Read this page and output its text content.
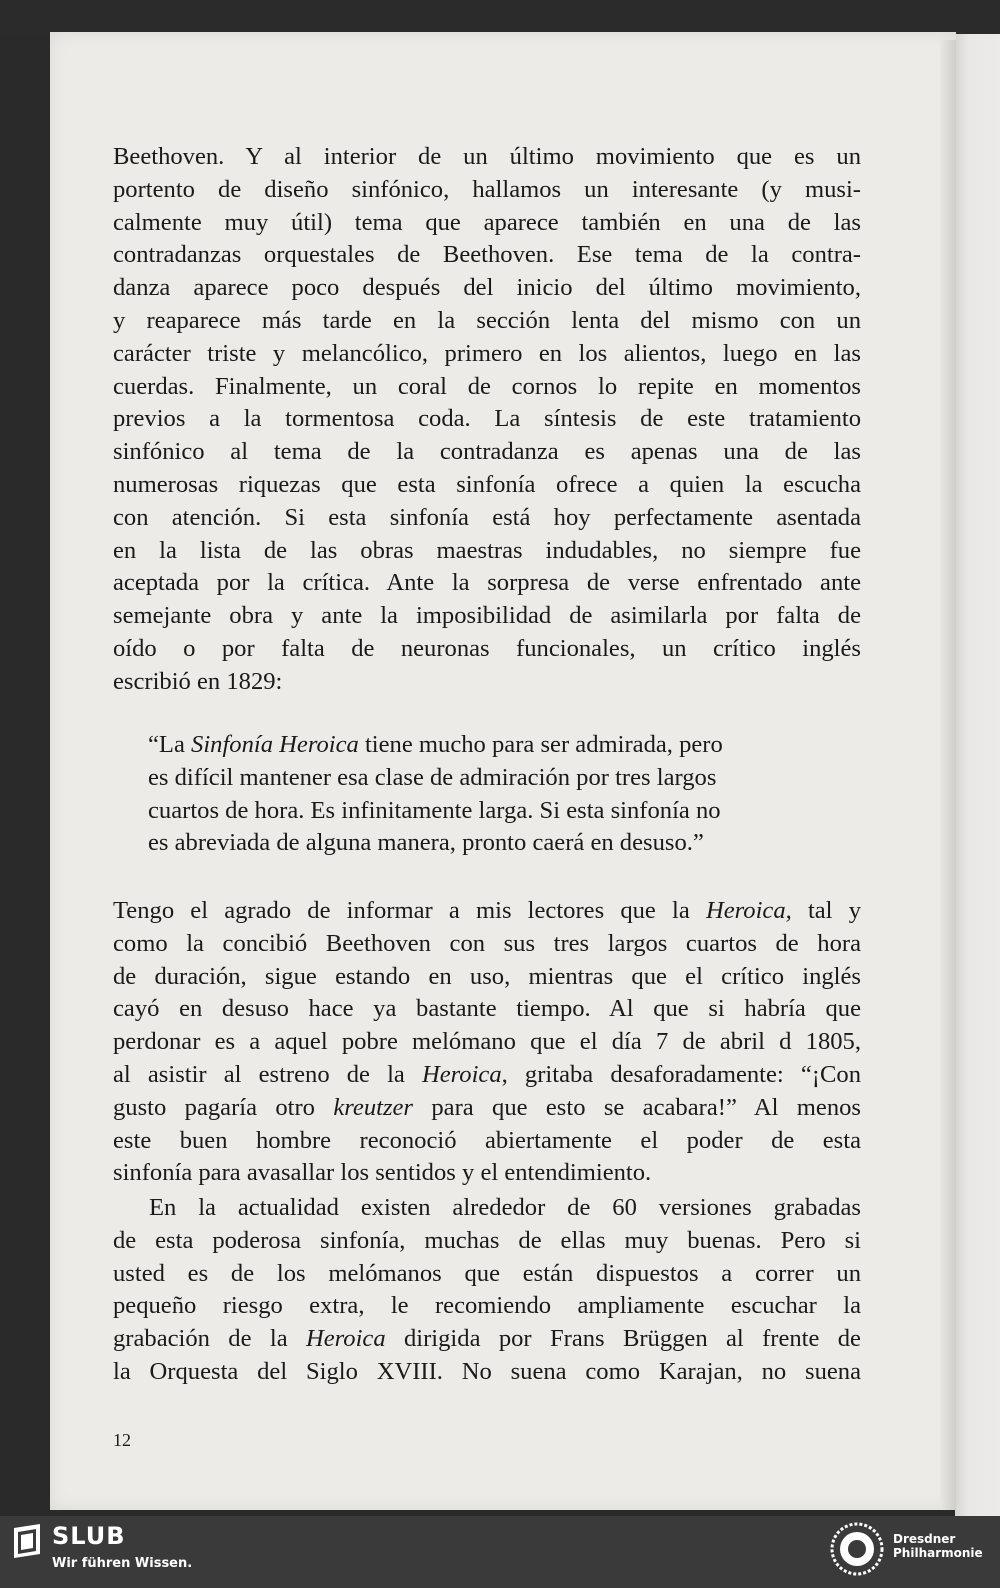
Beethoven. Y al interior de un último movimiento que es un
portento de diseño sinfónico, hallamos un interesante (y musi-
calmente muy útil) tema que aparece también en una de las
contradanzas orquestales de Beethoven. Ese tema de la contra-
danza aparece poco después del inicio del último movimiento,
y reaparece más tarde en la sección lenta del mismo con un
carácter triste y melancólico, primero en los alientos, luego en las
cuerdas. Finalmente, un coral de cornos lo repite en momentos
previos a la tormentosa coda. La síntesis de este tratamiento
sinfónico al tema de la contradanza es apenas una de las
numerosas riquezas que esta sinfonía ofrece a quien la escucha
con atención. Si esta sinfonía está hoy perfectamente asentada
en la lista de las obras maestras indudables, no siempre fue
aceptada por la crítica. Ante la sorpresa de verse enfrentado ante
semejante obra y ante la imposibilidad de asimilarla por falta de
oído o por falta de neuronas funcionales, un crítico inglés
escribió en 1829:
“La Sinfonía Heroica tiene mucho para ser admirada, pero
es difícil mantener esa clase de admiración por tres largos
cuartos de hora. Es infinitamente larga. Si esta sinfonía no
es abreviada de alguna manera, pronto caerá en desuso.”
Tengo el agrado de informar a mis lectores que la Heroica, tal y
como la concibió Beethoven con sus tres largos cuartos de hora
de duración, sigue estando en uso, mientras que el crítico inglés
cayó en desuso hace ya bastante tiempo. Al que si habría que
perdonar es a aquel pobre melómano que el día 7 de abril d 1805,
al asistir al estreno de la Heroica, gritaba desaforadamente: “¡Con
gusto pagaría otro kreutzer para que esto se acabara!” Al menos
este buen hombre reconoció abiertamente el poder de esta
sinfonía para avasallar los sentidos y el entendimiento.
En la actualidad existen alrededor de 60 versiones grabadas
de esta poderosa sinfonía, muchas de ellas muy buenas. Pero si
usted es de los melómanos que están dispuestos a correr un
pequeño riesgo extra, le recomiendo ampliamente escuchar la
grabación de la Heroica dirigida por Frans Brüggen al frente de
la Orquesta del Siglo XVIII. No suena como Karajan, no suena
12
SLUB
Wir führen Wissen.
Dresdner
Philharmonie
